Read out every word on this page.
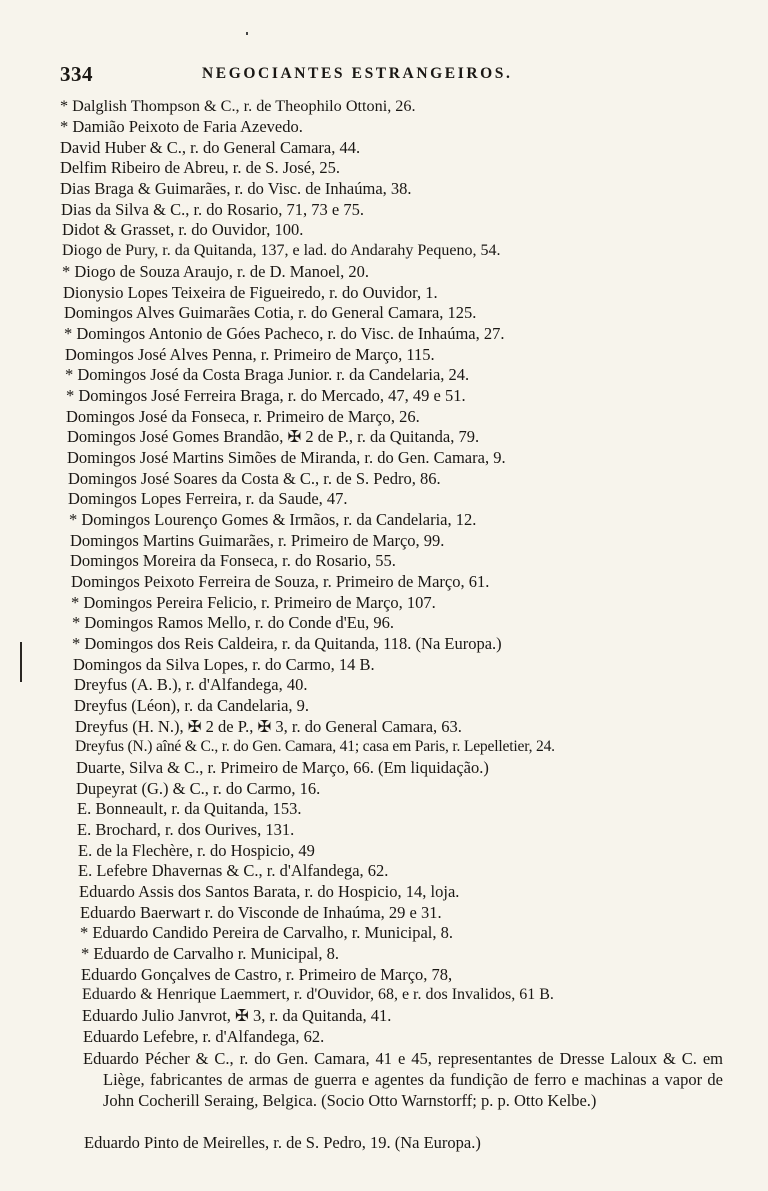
334	NEGOCIANTES ESTRANGEIROS.
* Dalglish Thompson & C., r. de Theophilo Ottoni, 26.
* Damião Peixoto de Faria Azevedo.
David Huber & C., r. do General Camara, 44.
Delfim Ribeiro de Abreu, r. de S. José, 25.
Dias Braga & Guimarães, r. do Visc. de Inhaúma, 38.
Dias da Silva & C., r. do Rosario, 71, 73 e 75.
Didot & Grasset, r. do Ouvidor, 100.
Diogo de Pury, r. da Quitanda, 137, e lad. do Andarahy Pequeno, 54.
* Diogo de Souza Araujo, r. de D. Manoel, 20.
Dionysio Lopes Teixeira de Figueiredo, r. do Ouvidor, 1.
Domingos Alves Guimarães Cotia, r. do General Camara, 125.
* Domingos Antonio de Góes Pacheco, r. do Visc. de Inhaúma, 27.
Domingos José Alves Penna, r. Primeiro de Março, 115.
* Domingos José da Costa Braga Junior. r. da Candelaria, 24.
* Domingos José Ferreira Braga, r. do Mercado, 47, 49 e 51.
Domingos José da Fonseca, r. Primeiro de Março, 26.
Domingos José Gomes Brandão, ✠ 2 de P., r. da Quitanda, 79.
Domingos José Martins Simões de Miranda, r. do Gen. Camara, 9.
Domingos José Soares da Costa & C., r. de S. Pedro, 86.
Domingos Lopes Ferreira, r. da Saude, 47.
* Domingos Lourenço Gomes & Irmãos, r. da Candelaria, 12.
Domingos Martins Guimarães, r. Primeiro de Março, 99.
Domingos Moreira da Fonseca, r. do Rosario, 55.
Domingos Peixoto Ferreira de Souza, r. Primeiro de Março, 61.
* Domingos Pereira Felicio, r. Primeiro de Março, 107.
* Domingos Ramos Mello, r. do Conde d'Eu, 96.
* Domingos dos Reis Caldeira, r. da Quitanda, 118. (Na Europa.)
Domingos da Silva Lopes, r. do Carmo, 14 B.
Dreyfus (A. B.), r. d'Alfandega, 40.
Dreyfus (Léon), r. da Candelaria, 9.
Dreyfus (H. N.), ✠ 2 de P., ✠ 3, r. do General Camara, 63.
Dreyfus (N.) aîné & C., r. do Gen. Camara, 41; casa em Paris, r. Lepelletier, 24.
Duarte, Silva & C., r. Primeiro de Março, 66. (Em liquidação.)
Dupeyrat (G.) & C., r. do Carmo, 16.
E. Bonneault, r. da Quitanda, 153.
E. Brochard, r. dos Ourives, 131.
E. de la Flechère, r. do Hospicio, 49
E. Lefebre Dhavernas & C., r. d'Alfandega, 62.
Eduardo Assis dos Santos Barata, r. do Hospicio, 14, loja.
Eduardo Baerwart r. do Visconde de Inhaúma, 29 e 31.
* Eduardo Candido Pereira de Carvalho, r. Municipal, 8.
* Eduardo de Carvalho r. Municipal, 8.
Eduardo Gonçalves de Castro, r. Primeiro de Março, 78,
Eduardo & Henrique Laemmert, r. d'Ouvidor, 68, e r. dos Invalidos, 61 B.
Eduardo Julio Janvrot, ✠ 3, r. da Quitanda, 41.
Eduardo Lefebre, r. d'Alfandega, 62.
Eduardo Pécher & C., r. do Gen. Camara, 41 e 45, representantes de Dresse Laloux & C. em Liège, fabricantes de armas de guerra e agentes da fundição de ferro e machinas a vapor de John Cocherill Seraing, Belgica. (Socio Otto Warnstorff; p. p. Otto Kelbe.)
Eduardo Pinto de Meirelles, r. de S. Pedro, 19. (Na Europa.)
